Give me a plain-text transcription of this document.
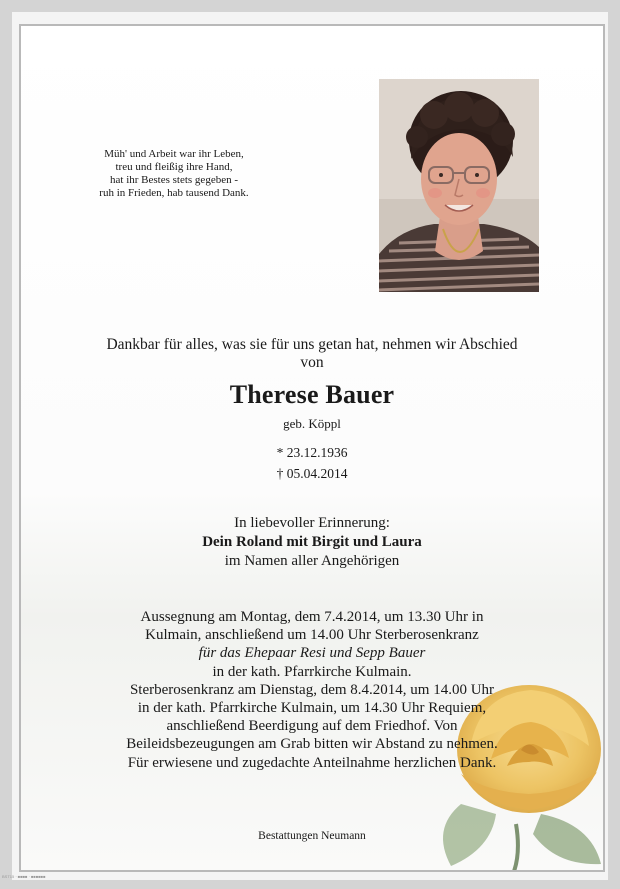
Müh' und Arbeit war ihr Leben,
treu und fleißig ihre Hand,
hat ihr Bestes stets gegeben -
ruh in Frieden, hab tausend Dank.
Dankbar für alles, was sie für uns getan hat, nehmen wir Abschied
von
Therese Bauer
geb. Köppl
* 23.12.1936
† 05.04.2014
In liebevoller Erinnerung:
Dein Roland mit Birgit und Laura
im Namen aller Angehörigen
Aussegnung am Montag, dem 7.4.2014, um 13.30 Uhr in
Kulmain, anschließend um 14.00 Uhr Sterberosenkranz
für das Ehepaar Resi und Sepp Bauer
in der kath. Pfarrkirche Kulmain.
Sterberosenkranz am Dienstag, dem 8.4.2014, um 14.00 Uhr
in der kath. Pfarrkirche Kulmain, um 14.30 Uhr Requiem,
anschließend Beerdigung auf dem Friedhof. Von
Beileidsbezeugungen am Grab bitten wir Abstand zu nehmen.
Für erwiesene und zugedachte Anteilnahme herzlichen Dank.
Bestattungen Neumann
BST15 · ■■■■ · ■■■■■■
